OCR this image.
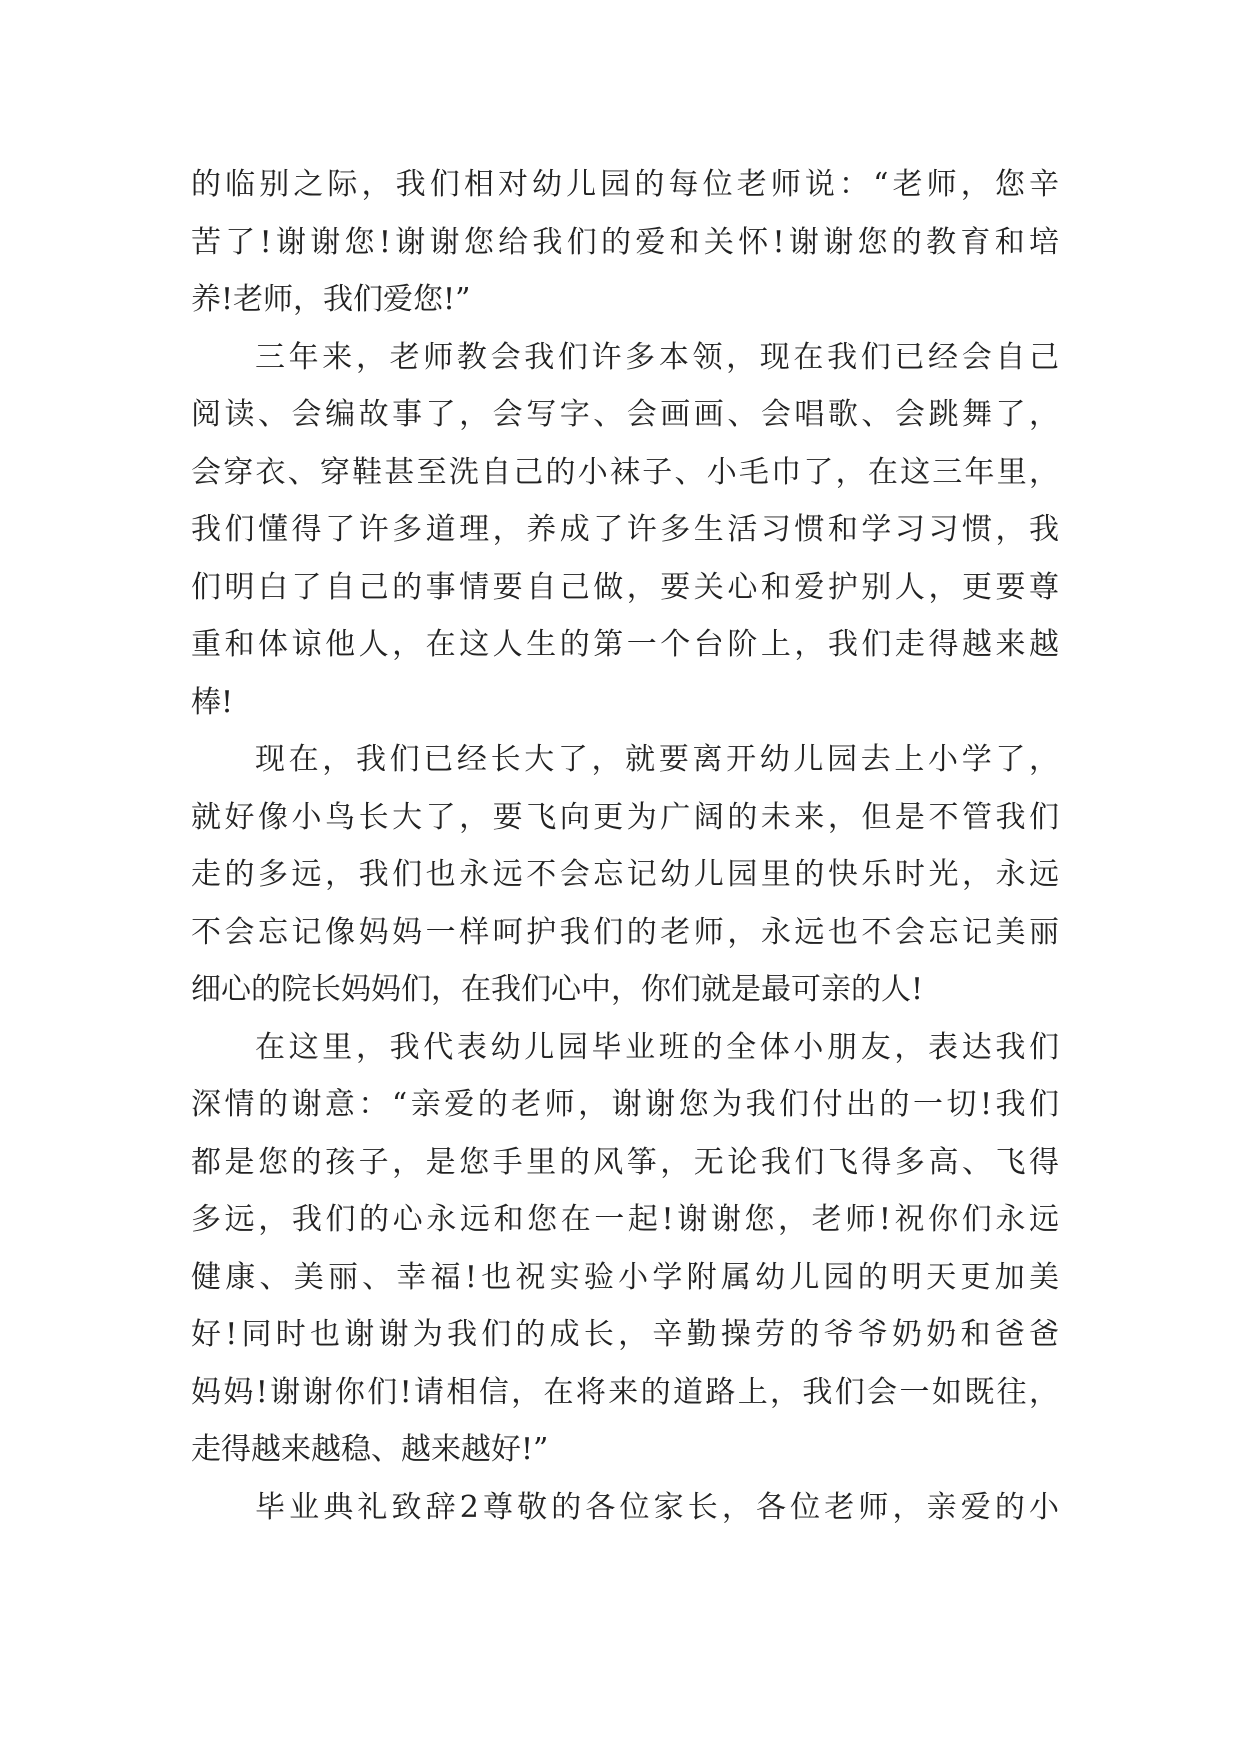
的临别之际，我们相对幼儿园的每位老师说：“老师，您辛
苦了!谢谢您!谢谢您给我们的爱和关怀!谢谢您的教育和培
养!老师，我们爱您!”
三年来，老师教会我们许多本领，现在我们已经会自己
阅读、会编故事了，会写字、会画画、会唱歌、会跳舞了，
会穿衣、穿鞋甚至洗自己的小袜子、小毛巾了，在这三年里，
我们懂得了许多道理，养成了许多生活习惯和学习习惯，我
们明白了自己的事情要自己做，要关心和爱护别人，更要尊
重和体谅他人，在这人生的第一个台阶上，我们走得越来越
棒!
现在，我们已经长大了，就要离开幼儿园去上小学了，
就好像小鸟长大了，要飞向更为广阔的未来，但是不管我们
走的多远，我们也永远不会忘记幼儿园里的快乐时光，永远
不会忘记像妈妈一样呵护我们的老师，永远也不会忘记美丽
细心的院长妈妈们，在我们心中，你们就是最可亲的人!
在这里，我代表幼儿园毕业班的全体小朋友，表达我们
深情的谢意：“亲爱的老师，谢谢您为我们付出的一切!我们
都是您的孩子，是您手里的风筝，无论我们飞得多高、飞得
多远，我们的心永远和您在一起!谢谢您，老师!祝你们永远
健康、美丽、幸福!也祝实验小学附属幼儿园的明天更加美
好!同时也谢谢为我们的成长，辛勤操劳的爷爷奶奶和爸爸
妈妈!谢谢你们!请相信，在将来的道路上，我们会一如既往，
走得越来越稳、越来越好!”
毕业典礼致辞2尊敬的各位家长，各位老师，亲爱的小
